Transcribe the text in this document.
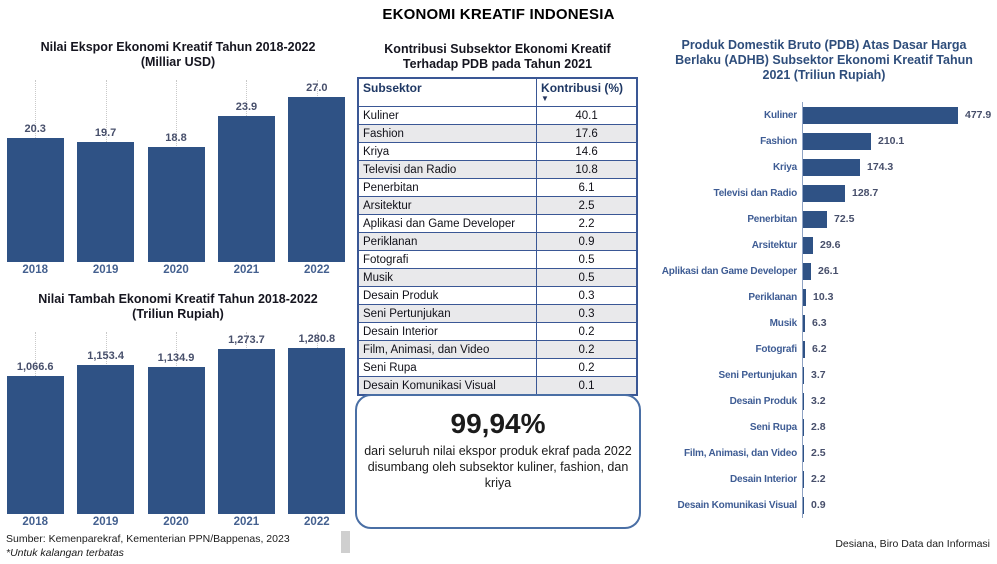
EKONOMI KREATIF INDONESIA
Nilai Ekspor Ekonomi Kreatif Tahun 2018-2022
(Milliar USD)
20.3
2018
19.7
2019
18.8
2020
23.9
2021
27.0
2022
Nilai Tambah Ekonomi Kreatif Tahun 2018-2022
(Triliun Rupiah)
1,066.6
2018
1,153.4
2019
1,134.9
2020
1,273.7
2021
1,280.8
2022
Sumber: Kemenparekraf, Kementerian PPN/Bappenas, 2023
*Untuk kalangan terbatas
Kontribusi Subsektor Ekonomi Kreatif
Terhadap PDB pada Tahun 2021
Subsektor	Kontribusi (%)
▼

Kuliner	40.1
Fashion	17.6
Kriya	14.6
Televisi dan Radio	10.8
Penerbitan	6.1
Arsitektur	2.5
Aplikasi dan Game Developer	2.2
Periklanan	0.9
Fotografi	0.5
Musik	0.5
Desain Produk	0.3
Seni Pertunjukan	0.3
Desain Interior	0.2
Film, Animasi, dan Video	0.2
Seni Rupa	0.2
Desain Komunikasi Visual	0.1
99,94%
dari seluruh nilai ekspor produk ekraf pada 2022 disumbang oleh subsektor kuliner, fashion, dan kriya
Produk Domestik Bruto (PDB) Atas Dasar Harga
Berlaku (ADHB) Subsektor Ekonomi Kreatif Tahun
2021 (Triliun Rupiah)
Kuliner	477.9
Fashion	210.1
Kriya	174.3
Televisi dan Radio	128.7
Penerbitan	72.5
Arsitektur	29.6
Aplikasi dan Game Developer	26.1
Periklanan	10.3
Musik	6.3
Fotografi	6.2
Seni Pertunjukan	3.7
Desain Produk	3.2
Seni Rupa	2.8
Film, Animasi, dan Video	2.5
Desain Interior	2.2
Desain Komunikasi Visual	0.9
Desiana, Biro Data dan Informasi
